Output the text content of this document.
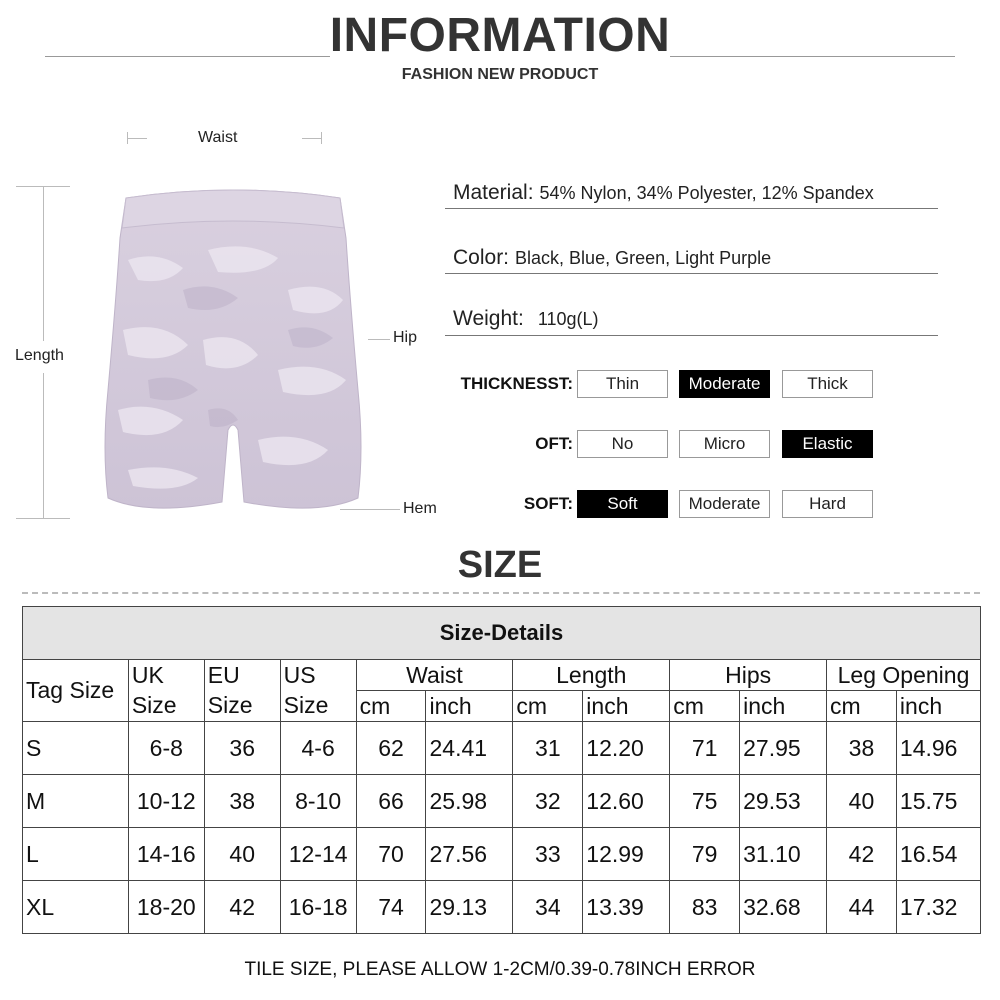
INFORMATION
FASHION NEW PRODUCT
Waist
Length
Hip
Hem
Material: 54% Nylon, 34% Polyester, 12% Spandex
Color: Black, Blue, Green, Light Purple
Weight: 110g(L)
THICKNESST:	Thin	Moderate	Thick
OFT:	No	Micro	Elastic
SOFT:	Soft	Moderate	Hard
SIZE
Size-Details											
Tag Size	UK	EU	US	Waist		Length		Hips		Leg Opening	
	Size	Size	Size	cm	inch	cm	inch	cm	inch	cm	inch
S	6-8	36	4-6	62	24.41	31	12.20	71	27.95	38	14.96
M	10-12	38	8-10	66	25.98	32	12.60	75	29.53	40	15.75
L	14-16	40	12-14	70	27.56	33	12.99	79	31.10	42	16.54
XL	18-20	42	16-18	74	29.13	34	13.39	83	32.68	44	17.32
TILE SIZE, PLEASE ALLOW 1-2CM/0.39-0.78INCH ERROR
